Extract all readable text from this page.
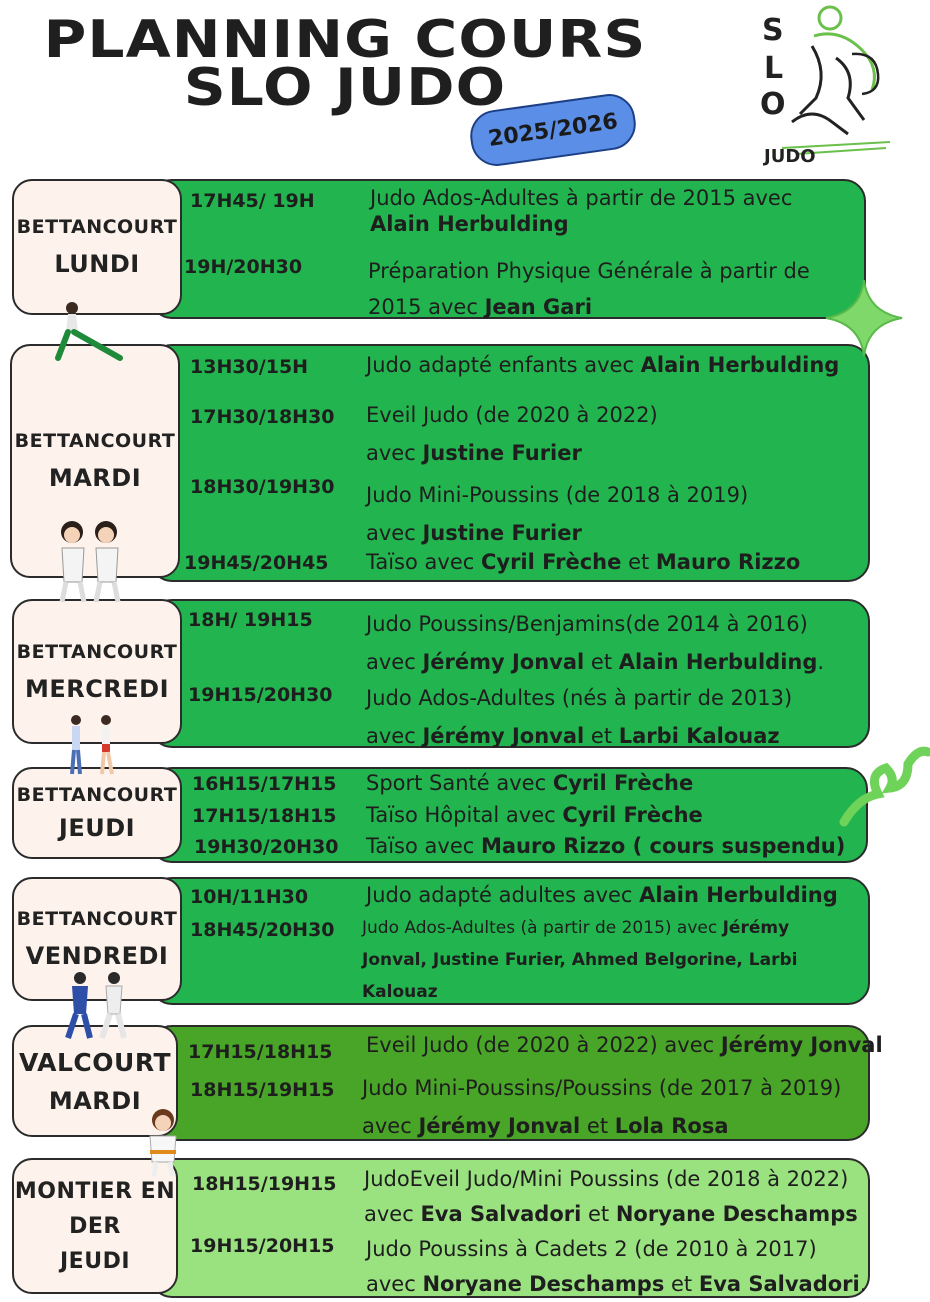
PLANNING COURS
SLO JUDO
2025/2026
S
L
O
JUDO
BETTANCOURT
LUNDI
17H45/ 19H	Judo Ados-Adultes à partir de 2015 avec
Alain Herbulding
19H/20H30	Préparation Physique Générale à partir de
2015 avec Jean Gari
BETTANCOURT
MARDI
13H30/15H	Judo adapté enfants avec Alain Herbulding
17H30/18H30 Eveil Judo (de 2020 à 2022)
avec Justine Furier
18H30/19H30 Judo Mini-Poussins (de 2018 à 2019)
avec Justine Furier
19H45/20H45 Taïso avec Cyril Frèche et Mauro Rizzo
BETTANCOURT
MERCREDI
18H/ 19H15	Judo Poussins/Benjamins(de 2014 à 2016)
avec Jérémy Jonval et Alain Herbulding.
19H15/20H30 Judo Ados-Adultes (nés à partir de 2013)
avec Jérémy Jonval et Larbi Kalouaz
BETTANCOURT
JEUDI
16H15/17H15 Sport Santé avec Cyril Frèche
17H15/18H15 Taïso Hôpital avec Cyril Frèche
19H30/20H30 Taïso avec Mauro Rizzo ( cours suspendu)
BETTANCOURT
VENDREDI
10H/11H30	Judo adapté adultes avec Alain Herbulding
18H45/20H30 Judo Ados-Adultes (à partir de 2015) avec Jérémy
Jonval, Justine Furier, Ahmed Belgorine, Larbi
Kalouaz
VALCOURT
MARDI
17H15/18H15 Eveil Judo (de 2020 à 2022) avec Jérémy Jonval
18H15/19H15 Judo Mini-Poussins/Poussins (de 2017 à 2019)
avec Jérémy Jonval et Lola Rosa
MONTIER EN
DER
JEUDI
18H15/19H15 JudoEveil Judo/Mini Poussins (de 2018 à 2022)
avec Eva Salvadori et Noryane Deschamps
19H15/20H15 Judo Poussins à Cadets 2 (de 2010 à 2017)
avec Noryane Deschamps et Eva Salvadori.
